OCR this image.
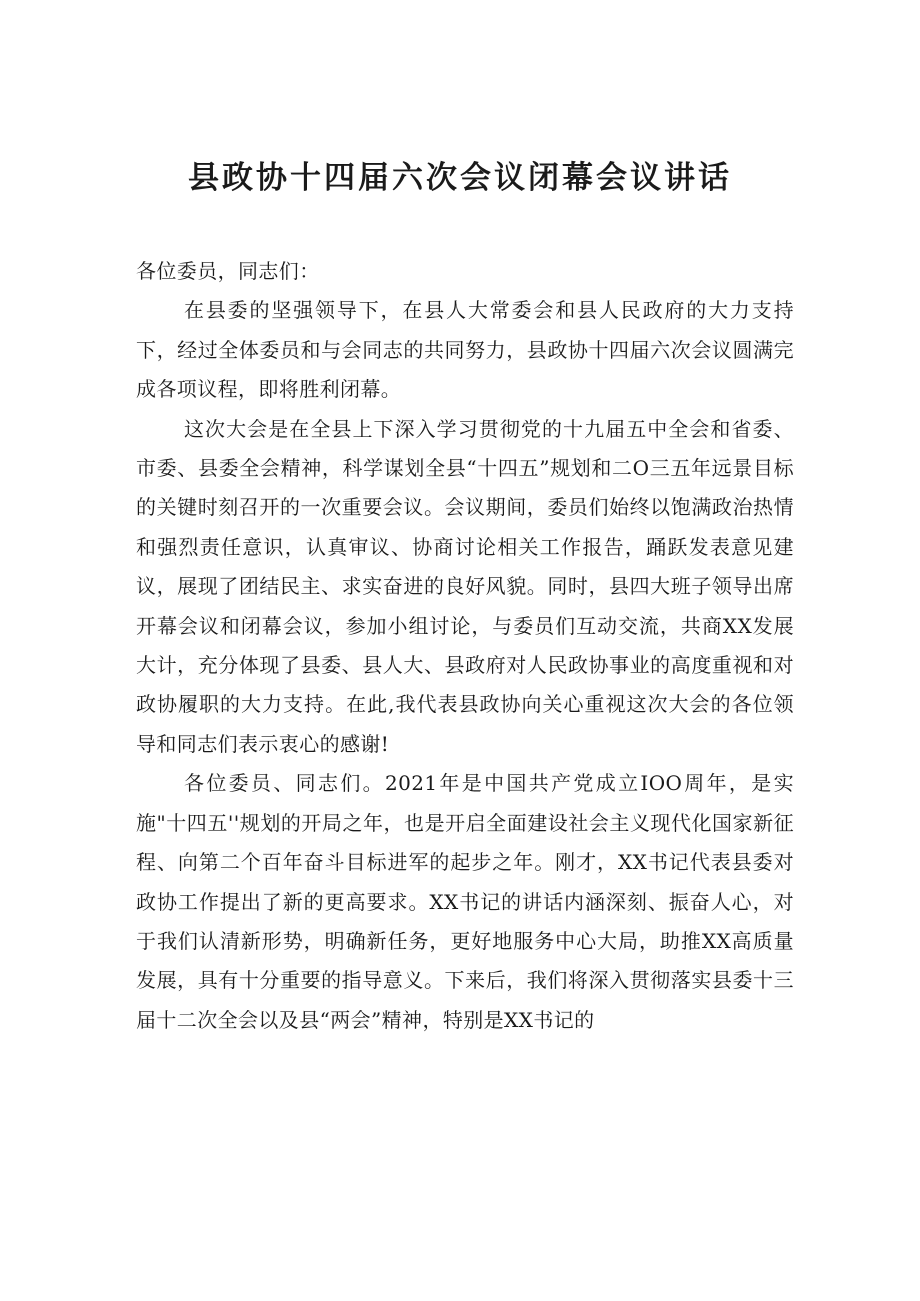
县政协十四届六次会议闭幕会议讲话

各位委员，同志们：

在县委的坚强领导下，在县人大常委会和县人民政府的大力支持下，经过全体委员和与会同志的共同努力，县政协十四届六次会议圆满完成各项议程，即将胜利闭幕。

这次大会是在全县上下深入学习贯彻党的十九届五中全会和省委、市委、县委全会精神，科学谋划全县“十四五”规划和二O三五年远景目标的关键时刻召开的一次重要会议。会议期间，委员们始终以饱满政治热情和强烈责任意识，认真审议、协商讨论相关工作报告，踊跃发表意见建议，展现了团结民主、求实奋进的良好风貌。同时，县四大班子领导出席开幕会议和闭幕会议，参加小组讨论，与委员们互动交流，共商XX发展大计，充分体现了县委、县人大、县政府对人民政协事业的高度重视和对政协履职的大力支持。在此,我代表县政协向关心重视这次大会的各位领导和同志们表示衷心的感谢!

各位委员、同志们。2021年是中国共产党成立IOO周年，是实施"十四五''规划的开局之年，也是开启全面建设社会主义现代化国家新征程、向第二个百年奋斗目标进军的起步之年。刚才，XX书记代表县委对政协工作提出了新的更高要求。XX书记的讲话内涵深刻、振奋人心，对于我们认清新形势，明确新任务，更好地服务中心大局，助推XX高质量发展，具有十分重要的指导意义。下来后，我们将深入贯彻落实县委十三届十二次全会以及县“两会”精神，特别是XX书记的
